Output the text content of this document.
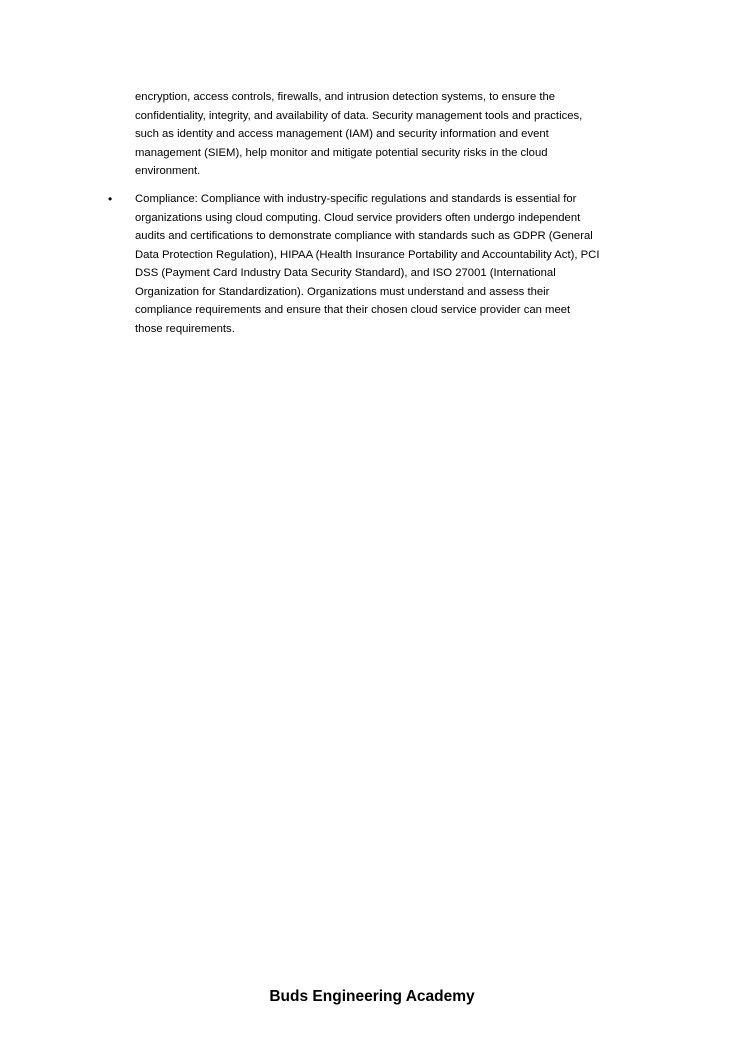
encryption, access controls, firewalls, and intrusion detection systems, to ensure the
confidentiality, integrity, and availability of data. Security management tools and practices,
such as identity and access management (IAM) and security information and event
management (SIEM), help monitor and mitigate potential security risks in the cloud
environment.

•	Compliance: Compliance with industry-specific regulations and standards is essential for
organizations using cloud computing. Cloud service providers often undergo independent
audits and certifications to demonstrate compliance with standards such as GDPR (General
Data Protection Regulation), HIPAA (Health Insurance Portability and Accountability Act), PCI
DSS (Payment Card Industry Data Security Standard), and ISO 27001 (International
Organization for Standardization). Organizations must understand and assess their
compliance requirements and ensure that their chosen cloud service provider can meet
those requirements.

Buds Engineering Academy
